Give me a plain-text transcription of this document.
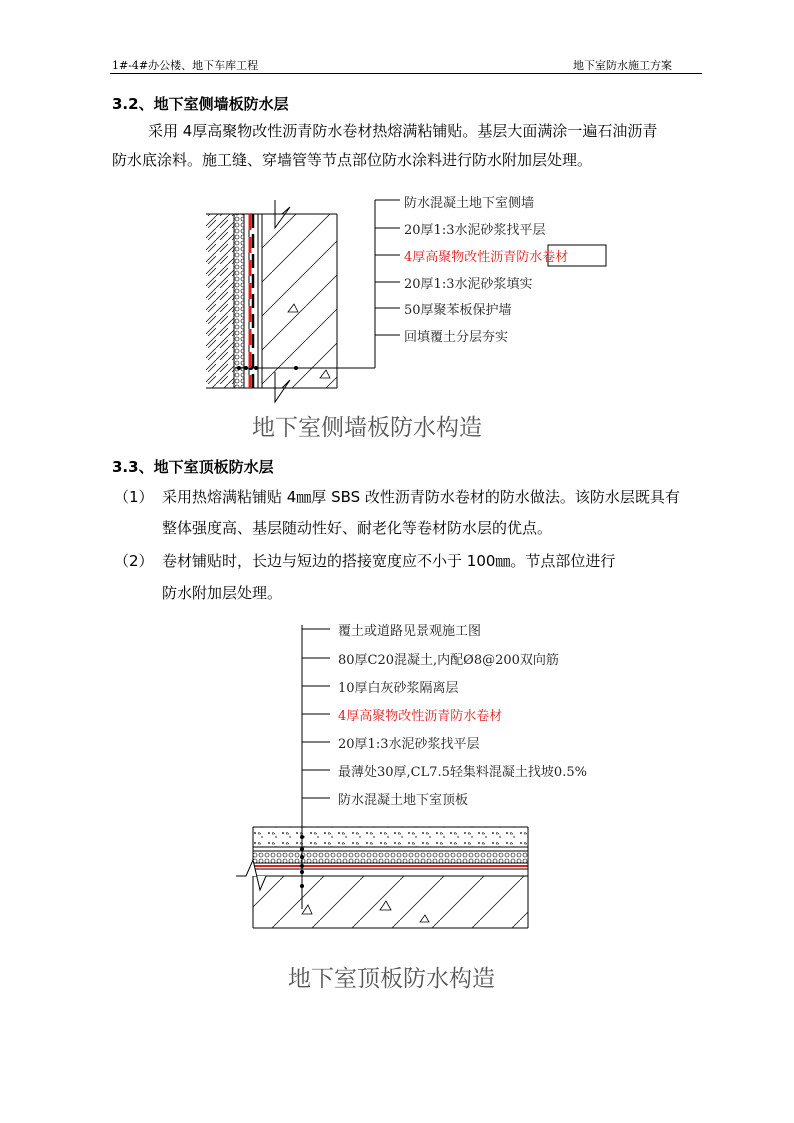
1#-4#办公楼、地下车库工程	地下室防水施工方案
3.2、地下室侧墙板防水层
采用 4厚高聚物改性沥青防水卷材热熔满粘铺贴。基层大面满涂一遍石油沥青
防水底涂料。施工缝、穿墙管等节点部位防水涂料进行防水附加层处理。
防水混凝土地下室侧墙
20厚1:3水泥砂浆找平层
4厚高聚物改性沥青防水卷材
20厚1:3水泥砂浆填实
50厚聚苯板保护墙
回填覆土分层夯实
地下室侧墙板防水构造
3.3、地下室顶板防水层
（1） 采用热熔满粘铺贴 4㎜厚 SBS 改性沥青防水卷材的防水做法。该防水层既具有
整体强度高、基层随动性好、耐老化等卷材防水层的优点。
（2） 卷材铺贴时，长边与短边的搭接宽度应不小于 100㎜。节点部位进行
防水附加层处理。
覆土或道路见景观施工图
80厚C20混凝土,内配Ø8@200双向筋
10厚白灰砂浆隔离层
4厚高聚物改性沥青防水卷材
20厚1:3水泥砂浆找平层
最薄处30厚,CL7.5轻集料混凝土找坡0.5%
防水混凝土地下室顶板
地下室顶板防水构造
